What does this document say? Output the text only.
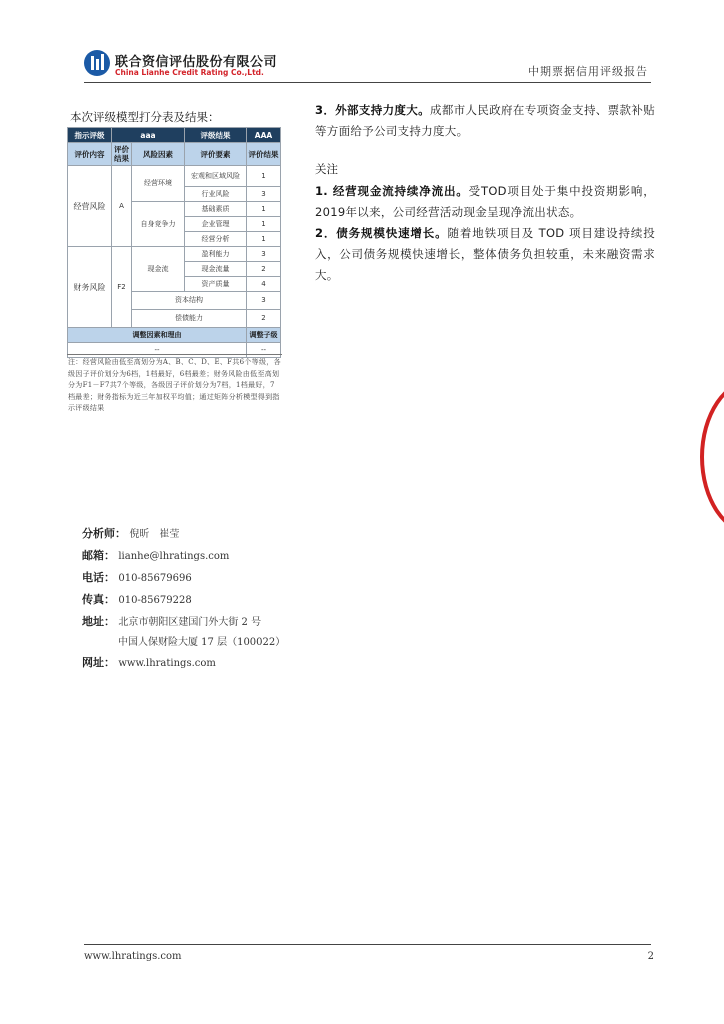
联合资信评估股份有限公司
China Lianhe Credit Rating Co.,Ltd.	中期票据信用评级报告
本次评级模型打分表及结果：
指示评级	aaa		评级结果	AAA
评价内容	评价结果	风险因素	评价要素	评价结果
经营风险	A	经营环境	宏观和区域风险	1
			行业风险	3
		自身竞争力	基础素质	1
			企业管理	1
			经营分析	1
财务风险	F2	现金流	盈利能力	3
			现金流量	2
			资产质量	4
		资本结构		3
		偿债能力		2
调整因素和理由				调整子级
--				--
注：经营风险由低至高划分为A、B、C、D、E、F共6个等级，各级因子评价划分为6档，1档最好，6档最差；财务风险由低至高划分为F1－F7共7个等级，各级因子评价划分为7档，1档最好，7档最差；财务指标为近三年加权平均值；通过矩阵分析模型得到指示评级结果
3．外部支持力度大。成都市人民政府在专项资金支持、票款补贴等方面给予公司支持力度大。
关注
1. 经营现金流持续净流出。受TOD项目处于集中投资期影响，2019年以来，公司经营活动现金呈现净流出状态。
2．债务规模快速增长。随着地铁项目及 TOD 项目建设持续投入，公司债务规模快速增长，整体债务负担较重，未来融资需求大。
分析师： 倪昕　崔莹
邮箱： lianhe@lhratings.com
电话： 010-85679696
传真： 010-85679228
地址： 北京市朝阳区建国门外大街 2 号
中国人保财险大厦 17 层（100022）
网址： www.lhratings.com
www.lhratings.com	2
